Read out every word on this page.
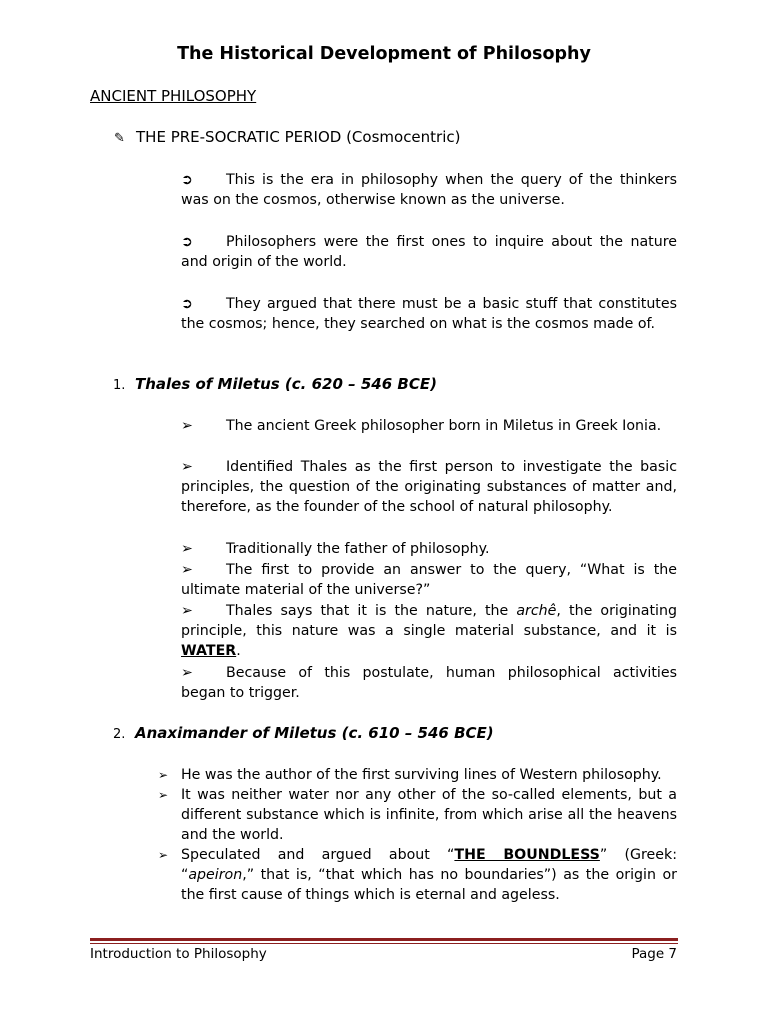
The Historical Development of Philosophy
ANCIENT PHILOSOPHY
✎ THE PRE-SOCRATIC PERIOD (Cosmocentric)
➲ This is the era in philosophy when the query of the thinkers was on the cosmos, otherwise known as the universe.
➲ Philosophers were the first ones to inquire about the nature and origin of the world.
➲ They argued that there must be a basic stuff that constitutes the cosmos; hence, they searched on what is the cosmos made of.
1. Thales of Miletus (c. 620 – 546 BCE)
➢ The ancient Greek philosopher born in Miletus in Greek Ionia.
➢ Identified Thales as the first person to investigate the basic principles, the question of the originating substances of matter and, therefore, as the founder of the school of natural philosophy.
➢ Traditionally the father of philosophy.
➢ The first to provide an answer to the query, “What is the ultimate material of the universe?”
➢ Thales says that it is the nature, the archê, the originating principle, this nature was a single material substance, and it is WATER.
➢ Because of this postulate, human philosophical activities began to trigger.
2. Anaximander of Miletus (c. 610 – 546 BCE)
➢ He was the author of the first surviving lines of Western philosophy.
➢ It was neither water nor any other of the so-called elements, but a different substance which is infinite, from which arise all the heavens and the world.
➢ Speculated and argued about “THE BOUNDLESS” (Greek: “apeiron,” that is, “that which has no boundaries”) as the origin or the first cause of things which is eternal and ageless.
Introduction to Philosophy	Page 7
